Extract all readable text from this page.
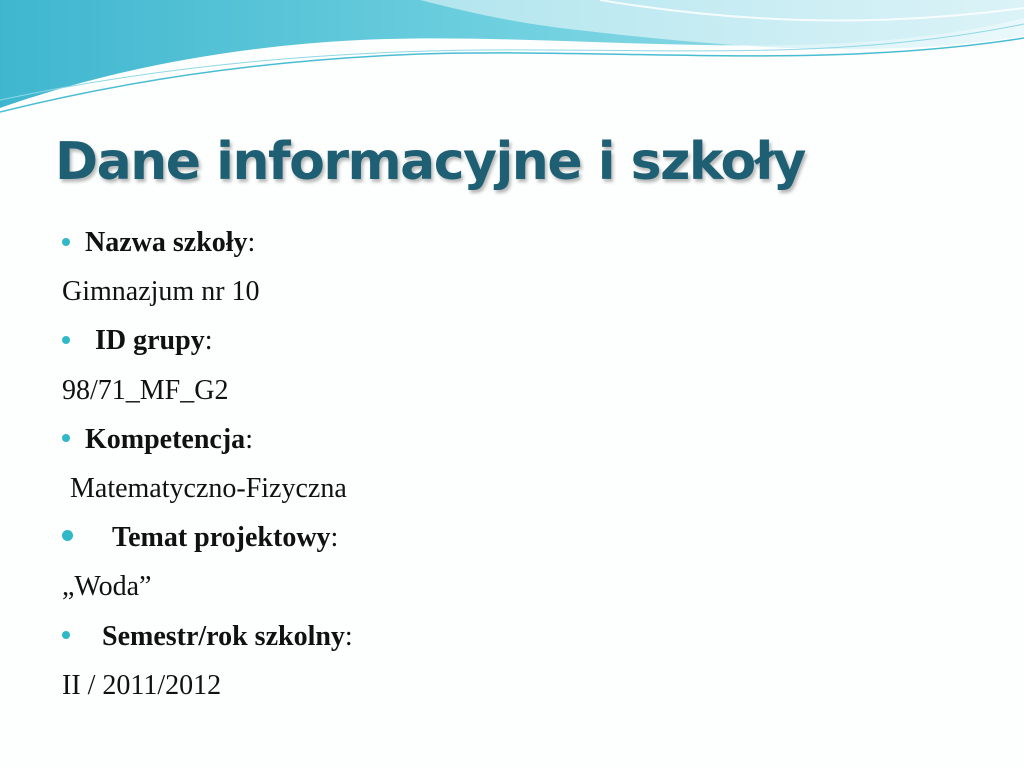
Dane informacyjne i szkoły
Nazwa szkoły:
Gimnazjum nr 10
ID grupy:
98/71_MF_G2
Kompetencja:
Matematyczno-Fizyczna
Temat projektowy:
„Woda”
Semestr/rok szkolny:
II / 2011/2012
